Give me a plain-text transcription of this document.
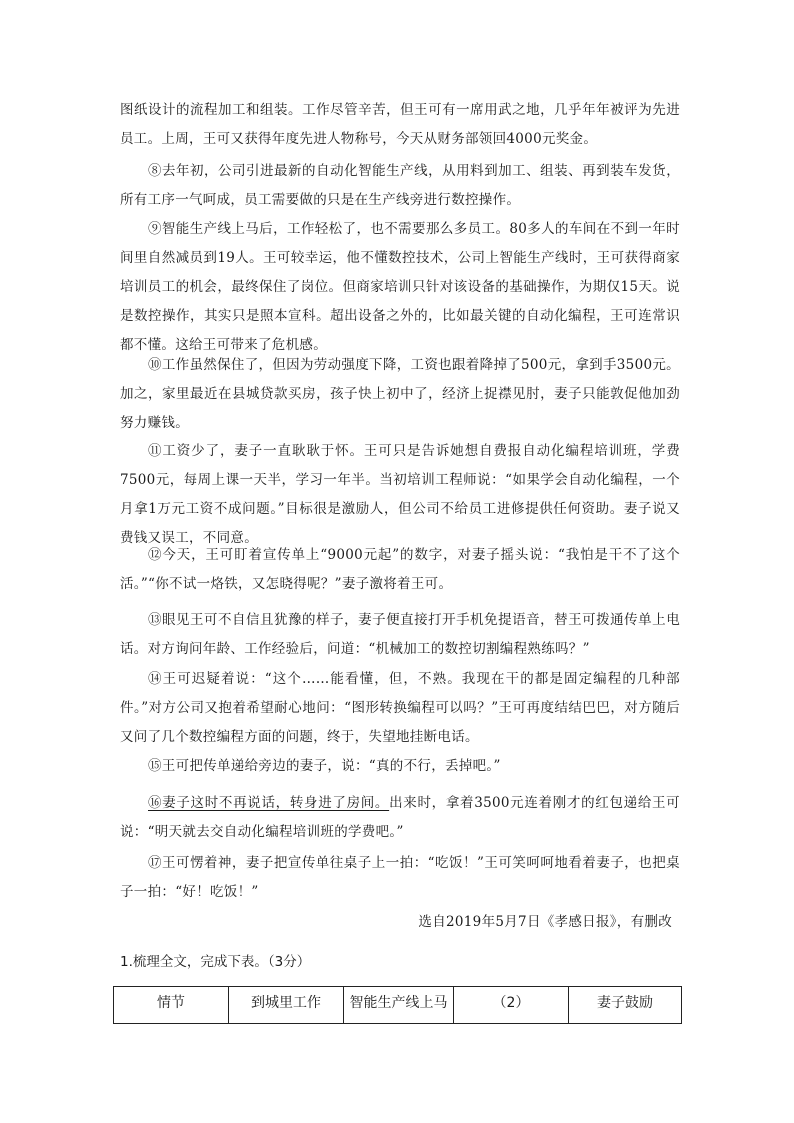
图纸设计的流程加工和组装。工作尽管辛苦，但王可有一席用武之地，几乎年年被评为先进员工。上周，王可又获得年度先进人物称号，今天从财务部领回4000元奖金。

⑧去年初，公司引进最新的自动化智能生产线，从用料到加工、组装、再到装车发货，所有工序一气呵成，员工需要做的只是在生产线旁进行数控操作。

⑨智能生产线上马后，工作轻松了，也不需要那么多员工。80多人的车间在不到一年时间里自然减员到19人。王可较幸运，他不懂数控技术，公司上智能生产线时，王可获得商家培训员工的机会，最终保住了岗位。但商家培训只针对该设备的基础操作，为期仅15天。说是数控操作，其实只是照本宣科。超出设备之外的，比如最关键的自动化编程，王可连常识都不懂。这给王可带来了危机感。

⑩工作虽然保住了，但因为劳动强度下降，工资也跟着降掉了500元，拿到手3500元。加之，家里最近在县城贷款买房，孩子快上初中了，经济上捉襟见肘，妻子只能敦促他加劲努力赚钱。

⑪工资少了，妻子一直耿耿于怀。王可只是告诉她想自费报自动化编程培训班，学费7500元，每周上课一天半，学习一年半。当初培训工程师说：“如果学会自动化编程，一个月拿1万元工资不成问题。”目标很是激励人，但公司不给员工进修提供任何资助。妻子说又费钱又误工，不同意。

⑫今天，王可盯着宣传单上“9000元起”的数字，对妻子摇头说：“我怕是干不了这个活。”“你不试一烙铁，又怎晓得呢？”妻子激将着王可。

⑬眼见王可不自信且犹豫的样子，妻子便直接打开手机免提语音，替王可拨通传单上电话。对方询问年龄、工作经验后，问道：“机械加工的数控切割编程熟练吗？”

⑭王可迟疑着说：“这个……能看懂，但，不熟。我现在干的都是固定编程的几种部件。”对方公司又抱着希望耐心地问：“图形转换编程可以吗？”王可再度结结巴巴，对方随后又问了几个数控编程方面的问题，终于，失望地挂断电话。

⑮王可把传单递给旁边的妻子，说：“真的不行，丢掉吧。”

⑯妻子这时不再说话，转身进了房间。出来时，拿着3500元连着刚才的红包递给王可说：“明天就去交自动化编程培训班的学费吧。”

⑰王可愣着神，妻子把宣传单往桌子上一拍：“吃饭！”王可笑呵呵地看着妻子，也把桌子一拍：“好！吃饭！”

选自2019年5月7日《孝感日报》，有删改
1.梳理全文，完成下表。（3分）
情节	到城里工作	智能生产线上马	（2）	妻子鼓励
